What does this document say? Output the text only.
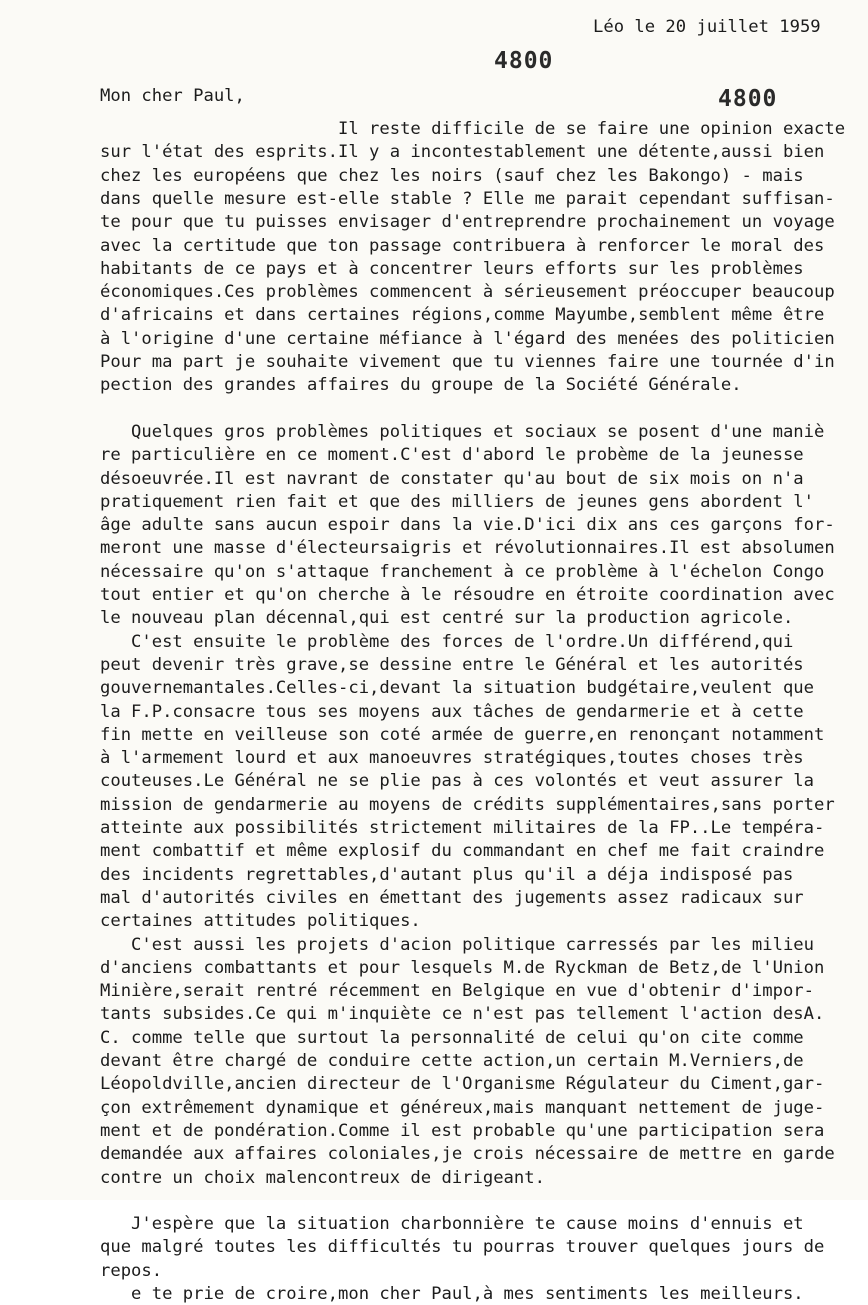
Léo le 20 juillet 1959
4800
4800
Mon cher Paul,
Il reste difficile de se faire une opinion exacte
sur l'état des esprits.Il y a incontestablement une détente,aussi bien
chez les européens que chez les noirs (sauf chez les Bakongo) - mais
dans quelle mesure est-elle stable ? Elle me parait cependant suffisan-
te pour que tu puisses envisager d'entreprendre prochainement un voyage
avec la certitude que ton passage contribuera à renforcer le moral des
habitants de ce pays et à concentrer leurs efforts sur les problèmes
économiques.Ces problèmes commencent à sérieusement préoccuper beaucoup
d'africains et dans certaines régions,comme Mayumbe,semblent même être
à l'origine d'une certaine méfiance à l'égard des menées des politicien
Pour ma part je souhaite vivement que tu viennes faire une tournée d'in
pection des grandes affaires du groupe de la Société Générale.
Quelques gros problèmes politiques et sociaux se posent d'une maniè
re particulière en ce moment.C'est d'abord le probème de la jeunesse
désoeuvrée.Il est navrant de constater qu'au bout de six mois on n'a
pratiquement rien fait et que des milliers de jeunes gens abordent l'
âge adulte sans aucun espoir dans la vie.D'ici dix ans ces garçons for-
meront une masse d'électeursaigris et révolutionnaires.Il est absolumen
nécessaire qu'on s'attaque franchement à ce problème à l'échelon Congo
tout entier et qu'on cherche à le résoudre en étroite coordination avec
le nouveau plan décennal,qui est centré sur la production agricole.
C'est ensuite le problème des forces de l'ordre.Un différend,qui
peut devenir très grave,se dessine entre le Général et les autorités
gouvernemantales.Celles-ci,devant la situation budgétaire,veulent que
la F.P.consacre tous ses moyens aux tâches de gendarmerie et à cette
fin mette en veilleuse son coté armée de guerre,en renonçant notamment
à l'armement lourd et aux manoeuvres stratégiques,toutes choses très
couteuses.Le Général ne se plie pas à ces volontés et veut assurer la
mission de gendarmerie au moyens de crédits supplémentaires,sans porter
atteinte aux possibilités strictement militaires de la FP..Le tempéra-
ment combattif et même explosif du commandant en chef me fait craindre
des incidents regrettables,d'autant plus qu'il a déja indisposé pas
mal d'autorités civiles en émettant des jugements assez radicaux sur
certaines attitudes politiques.
C'est aussi les projets d'acion politique carressés par les milieu
d'anciens combattants et pour lesquels M.de Ryckman de Betz,de l'Union
Minière,serait rentré récemment en Belgique en vue d'obtenir d'impor-
tants subsides.Ce qui m'inquiète ce n'est pas tellement l'action desA.
C. comme telle que surtout la personnalité de celui qu'on cite comme
devant être chargé de conduire cette action,un certain M.Verniers,de
Léopoldville,ancien directeur de l'Organisme Régulateur du Ciment,gar-
çon extrêmement dynamique et généreux,mais manquant nettement de juge-
ment et de pondération.Comme il est probable qu'une participation sera
demandée aux affaires coloniales,je crois nécessaire de mettre en garde
contre un choix malencontreux de dirigeant.
J'espère que la situation charbonnière te cause moins d'ennuis et
que malgré toutes les difficultés tu pourras trouver quelques jours de
repos.
e te prie de croire,mon cher Paul,à mes sentiments les meilleurs.
